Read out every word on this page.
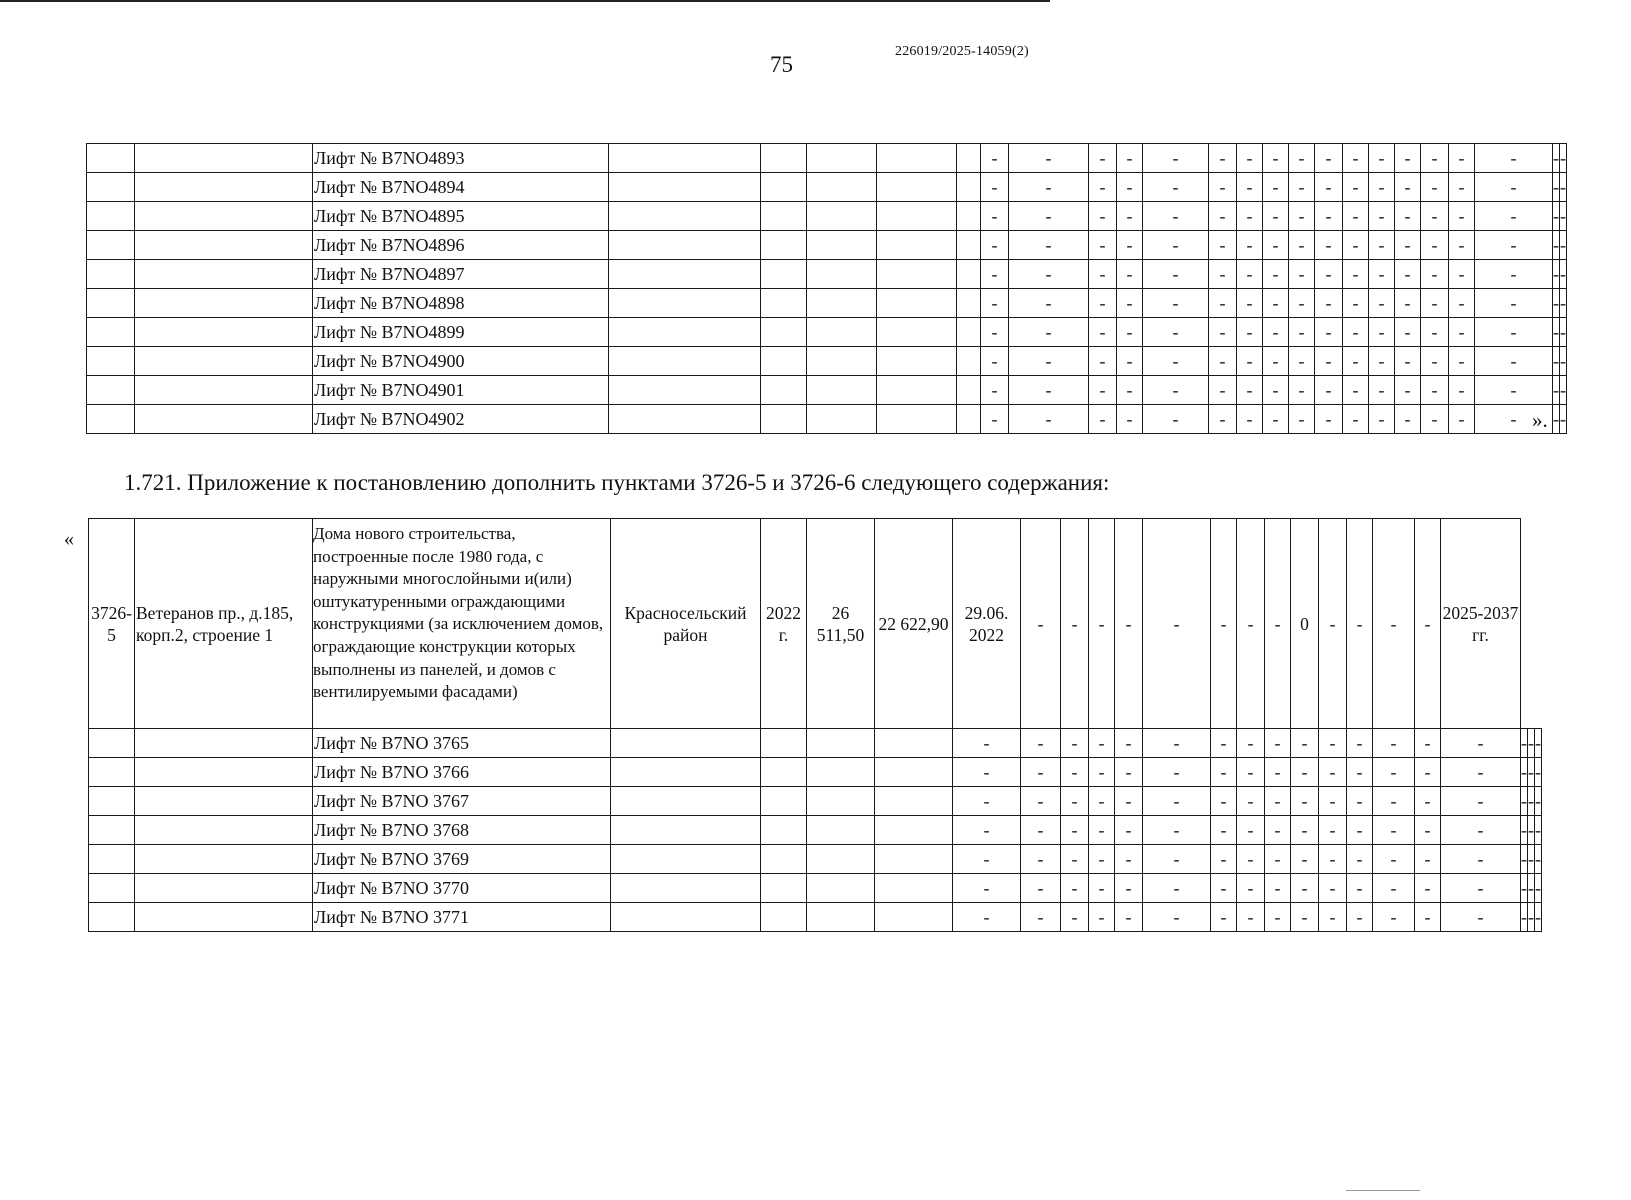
75
226019/2025-14059(2)
		Лифт № В7NO4893						-	-	-	-	-	-	-	-	-	-	-	-	-	-	-	-	-	-
		Лифт № В7NO4894						-	-	-	-	-	-	-	-	-	-	-	-	-	-	-	-	-	-
		Лифт № В7NO4895						-	-	-	-	-	-	-	-	-	-	-	-	-	-	-	-	-	-
		Лифт № В7NO4896						-	-	-	-	-	-	-	-	-	-	-	-	-	-	-	-	-	-
		Лифт № В7NO4897						-	-	-	-	-	-	-	-	-	-	-	-	-	-	-	-	-	-
		Лифт № В7NO4898						-	-	-	-	-	-	-	-	-	-	-	-	-	-	-	-	-	-
		Лифт № В7NO4899						-	-	-	-	-	-	-	-	-	-	-	-	-	-	-	-	-	-
		Лифт № В7NO4900						-	-	-	-	-	-	-	-	-	-	-	-	-	-	-	-	-	-
		Лифт № В7NO4901						-	-	-	-	-	-	-	-	-	-	-	-	-	-	-	-	-	-
		Лифт № В7NO4902						-	-	-	-	-	-	-	-	-	-	-	-	-	-	-	-	-	-
».
1.721. Приложение к постановлению дополнить пунктами 3726-5 и 3726-6 следующего содержания:
«
3726-5	Ветеранов пр., д.185, корп.2, строение 1	Дома нового строительства, построенные после 1980 года, с наружными многослойными и(или) оштукатуренными ограждающими конструкциями (за исключением домов, ограждающие конструкции которых выполнены из панелей, и домов с вентилируемыми фасадами)	Красносельский район	2022 г.	26 511,50	22 622,90	29.06. 2022	-	-	-	-	-	-	-	-	0	-	-	-	-	2025-2037 гг.			
		Лифт № В7NO 3765					-	-	-	-	-	-	-	-	-	-	-	-	-	-	-	-	-	-
		Лифт № В7NO 3766					-	-	-	-	-	-	-	-	-	-	-	-	-	-	-	-	-	-
		Лифт № В7NO 3767					-	-	-	-	-	-	-	-	-	-	-	-	-	-	-	-	-	-
		Лифт № В7NO 3768					-	-	-	-	-	-	-	-	-	-	-	-	-	-	-	-	-	-
		Лифт № В7NO 3769					-	-	-	-	-	-	-	-	-	-	-	-	-	-	-	-	-	-
		Лифт № В7NO 3770					-	-	-	-	-	-	-	-	-	-	-	-	-	-	-	-	-	-
		Лифт № В7NO 3771					-	-	-	-	-	-	-	-	-	-	-	-	-	-	-	-	-	-
